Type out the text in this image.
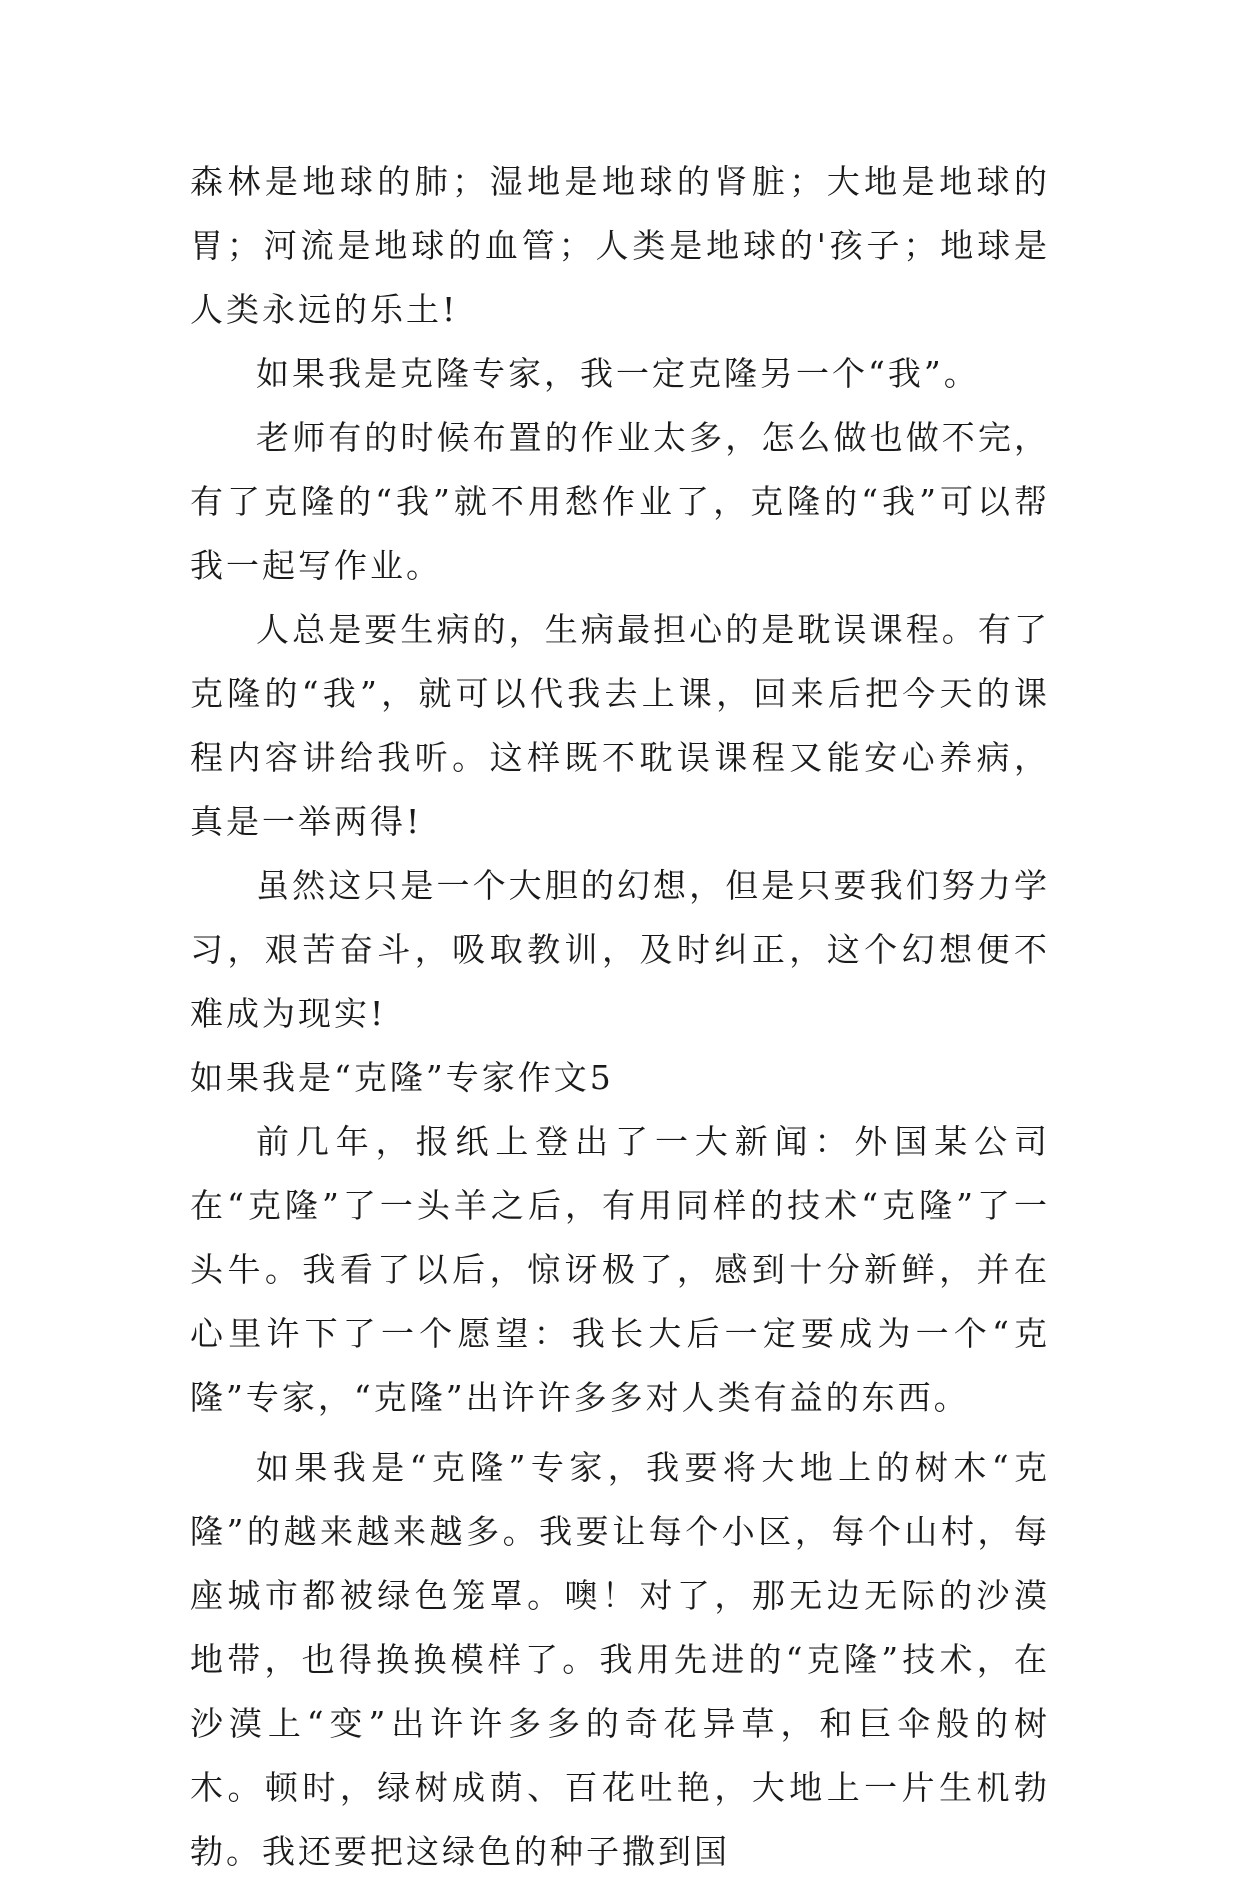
森林是地球的肺；湿地是地球的肾脏；大地是地球的胃；河流是地球的血管；人类是地球的'孩子；地球是人类永远的乐土!

如果我是克隆专家，我一定克隆另一个“我”。

老师有的时候布置的作业太多，怎么做也做不完，有了克隆的“我”就不用愁作业了，克隆的“我”可以帮我一起写作业。

人总是要生病的，生病最担心的是耽误课程。有了克隆的“我”，就可以代我去上课，回来后把今天的课程内容讲给我听。这样既不耽误课程又能安心养病，真是一举两得!

虽然这只是一个大胆的幻想，但是只要我们努力学习，艰苦奋斗，吸取教训，及时纠正，这个幻想便不难成为现实!

如果我是“克隆”专家作文5

前几年，报纸上登出了一大新闻：外国某公司在“克隆”了一头羊之后，有用同样的技术“克隆”了一头牛。我看了以后，惊讶极了，感到十分新鲜，并在心里许下了一个愿望：我长大后一定要成为一个“克隆”专家，“克隆”出许许多多对人类有益的东西。

如果我是“克隆”专家，我要将大地上的树木“克隆”的越来越来越多。我要让每个小区，每个山村，每座城市都被绿色笼罩。噢！对了，那无边无际的沙漠地带，也得换换模样了。我用先进的“克隆”技术，在沙漠上“变”出许许多多的奇花异草，和巨伞般的树木。顿时，绿树成荫、百花吐艳，大地上一片生机勃勃。我还要把这绿色的种子撒到国
